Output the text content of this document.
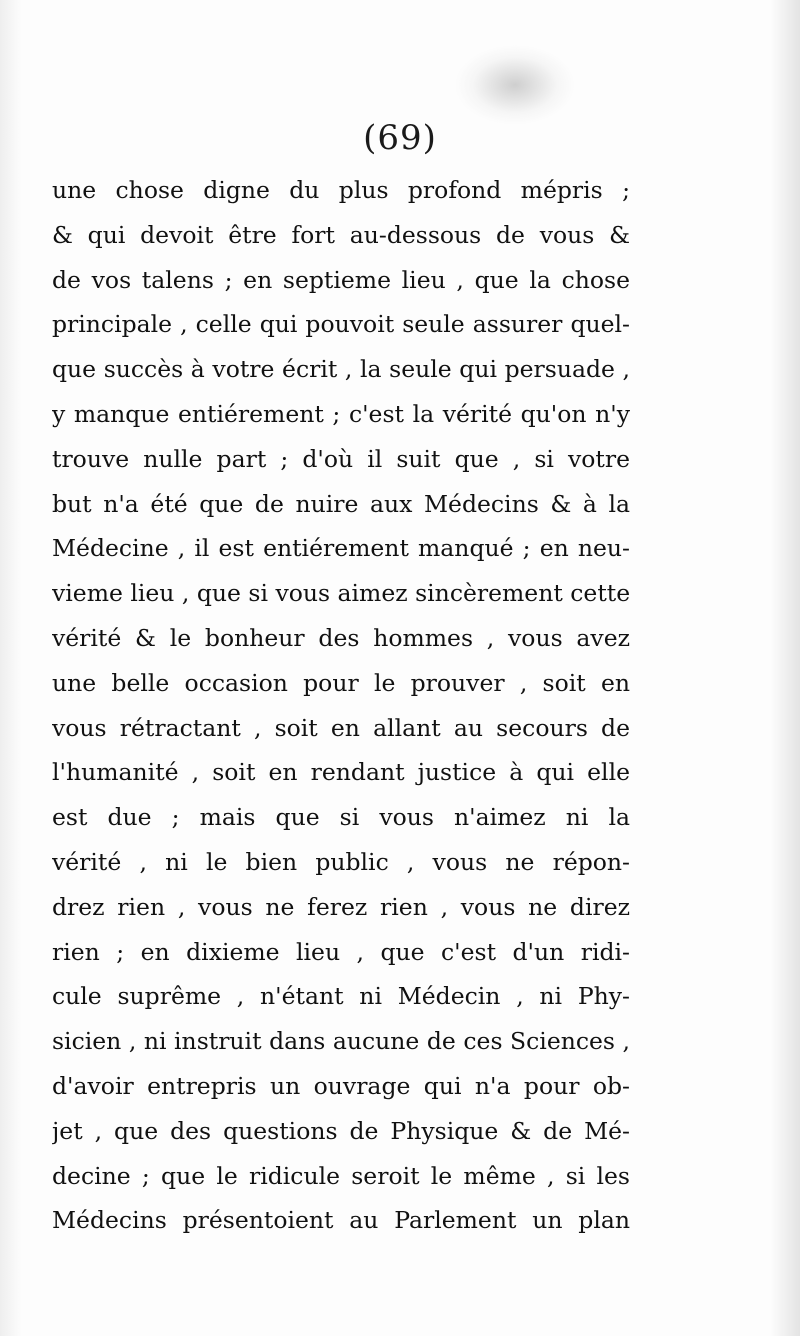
(69)
une chose digne du plus profond mépris ;
& qui devoit être fort au-dessous de vous &
de vos talens ; en septieme lieu , que la chose
principale , celle qui pouvoit seule assurer quel-
que succès à votre écrit , la seule qui persuade ,
y manque entiérement ; c'est la vérité qu'on n'y
trouve nulle part ; d'où il suit que , si votre
but n'a été que de nuire aux Médecins & à la
Médecine , il est entiérement manqué ; en neu-
vieme lieu , que si vous aimez sincèrement cette
vérité & le bonheur des hommes , vous avez
une belle occasion pour le prouver , soit en
vous rétractant , soit en allant au secours de
l'humanité , soit en rendant justice à qui elle
est due ; mais que si vous n'aimez ni la
vérité , ni le bien public , vous ne répon-
drez rien , vous ne ferez rien , vous ne direz
rien ; en dixieme lieu , que c'est d'un ridi-
cule suprême , n'étant ni Médecin , ni Phy-
sicien , ni instruit dans aucune de ces Sciences ,
d'avoir entrepris un ouvrage qui n'a pour ob-
jet , que des questions de Physique & de Mé-
decine ; que le ridicule seroit le même , si les
Médecins présentoient au Parlement un plan
